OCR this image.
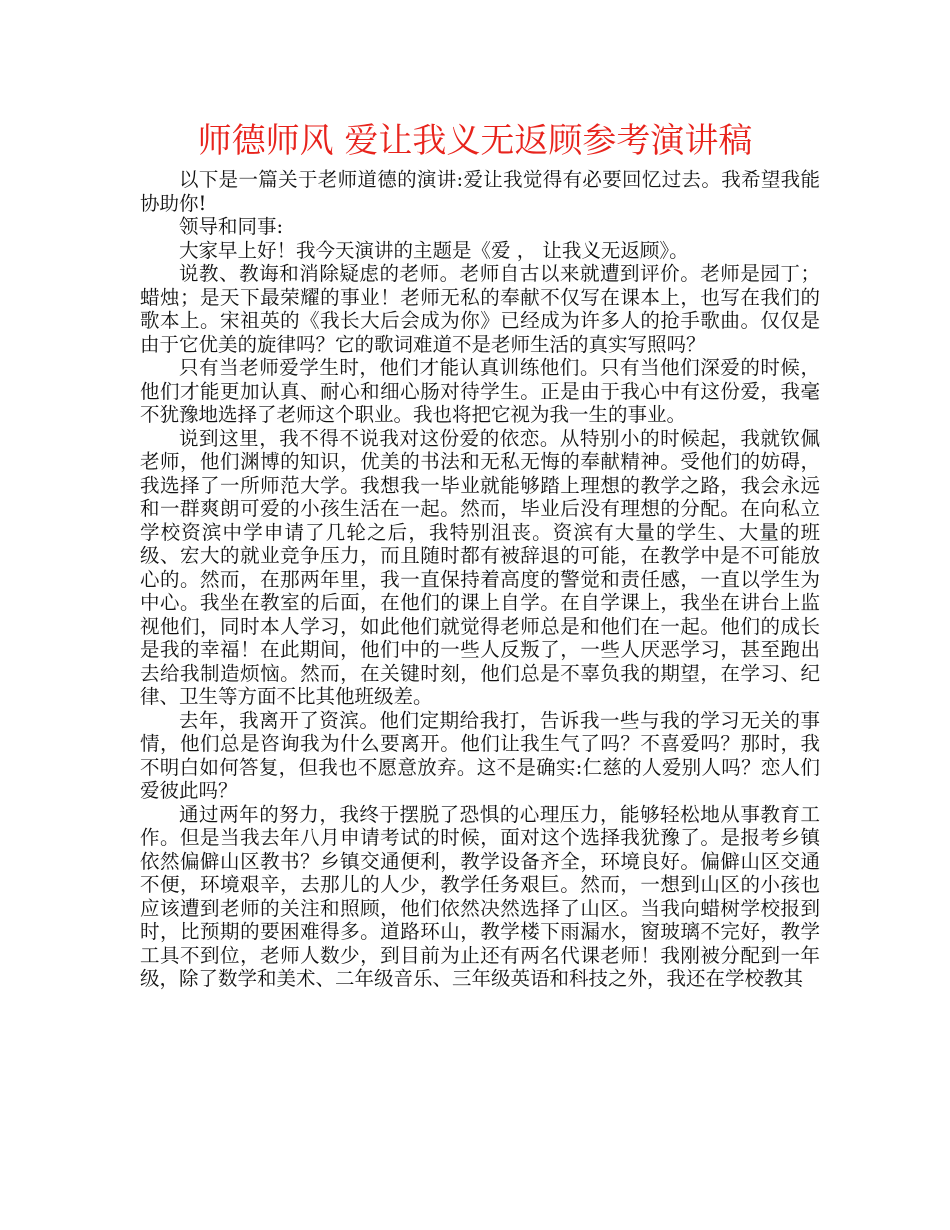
师德师风 爱让我义无返顾参考演讲稿

以下是一篇关于老师道德的演讲:爱让我觉得有必要回忆过去。我希望我能协助你!

领导和同事:

大家早上好！我今天演讲的主题是《爱 ， 让我义无返顾》。

说教、教诲和消除疑虑的老师。老师自古以来就遭到评价。老师是园丁；蜡烛；是天下最荣耀的事业！老师无私的奉献不仅写在课本上，也写在我们的歌本上。宋祖英的《我长大后会成为你》已经成为许多人的抢手歌曲。仅仅是由于它优美的旋律吗？它的歌词难道不是老师生活的真实写照吗？

只有当老师爱学生时，他们才能认真训练他们。只有当他们深爱的时候，他们才能更加认真、耐心和细心肠对待学生。正是由于我心中有这份爱，我毫不犹豫地选择了老师这个职业。我也将把它视为我一生的事业。

说到这里，我不得不说我对这份爱的依恋。从特别小的时候起，我就钦佩老师，他们渊博的知识，优美的书法和无私无悔的奉献精神。受他们的妨碍，我选择了一所师范大学。我想我一毕业就能够踏上理想的教学之路，我会永远和一群爽朗可爱的小孩生活在一起。然而，毕业后没有理想的分配。在向私立学校资滨中学申请了几轮之后，我特别沮丧。资滨有大量的学生、大量的班级、宏大的就业竞争压力，而且随时都有被辞退的可能，在教学中是不可能放心的。然而，在那两年里，我一直保持着高度的警觉和责任感，一直以学生为中心。我坐在教室的后面，在他们的课上自学。在自学课上，我坐在讲台上监视他们，同时本人学习，如此他们就觉得老师总是和他们在一起。他们的成长是我的幸福！在此期间，他们中的一些人反叛了，一些人厌恶学习，甚至跑出去给我制造烦恼。然而，在关键时刻，他们总是不辜负我的期望，在学习、纪律、卫生等方面不比其他班级差。

去年，我离开了资滨。他们定期给我打，告诉我一些与我的学习无关的事情，他们总是咨询我为什么要离开。他们让我生气了吗？不喜爱吗？那时，我不明白如何答复，但我也不愿意放弃。这不是确实:仁慈的人爱别人吗？恋人们爱彼此吗？

通过两年的努力，我终于摆脱了恐惧的心理压力，能够轻松地从事教育工作。但是当我去年八月申请考试的时候，面对这个选择我犹豫了。是报考乡镇依然偏僻山区教书？乡镇交通便利，教学设备齐全，环境良好。偏僻山区交通不便，环境艰辛，去那儿的人少，教学任务艰巨。然而，一想到山区的小孩也应该遭到老师的关注和照顾，他们依然决然选择了山区。当我向蜡树学校报到时，比预期的要困难得多。道路环山，教学楼下雨漏水，窗玻璃不完好，教学工具不到位，老师人数少，到目前为止还有两名代课老师！我刚被分配到一年级，除了数学和美术、二年级音乐、三年级英语和科技之外，我还在学校教其
